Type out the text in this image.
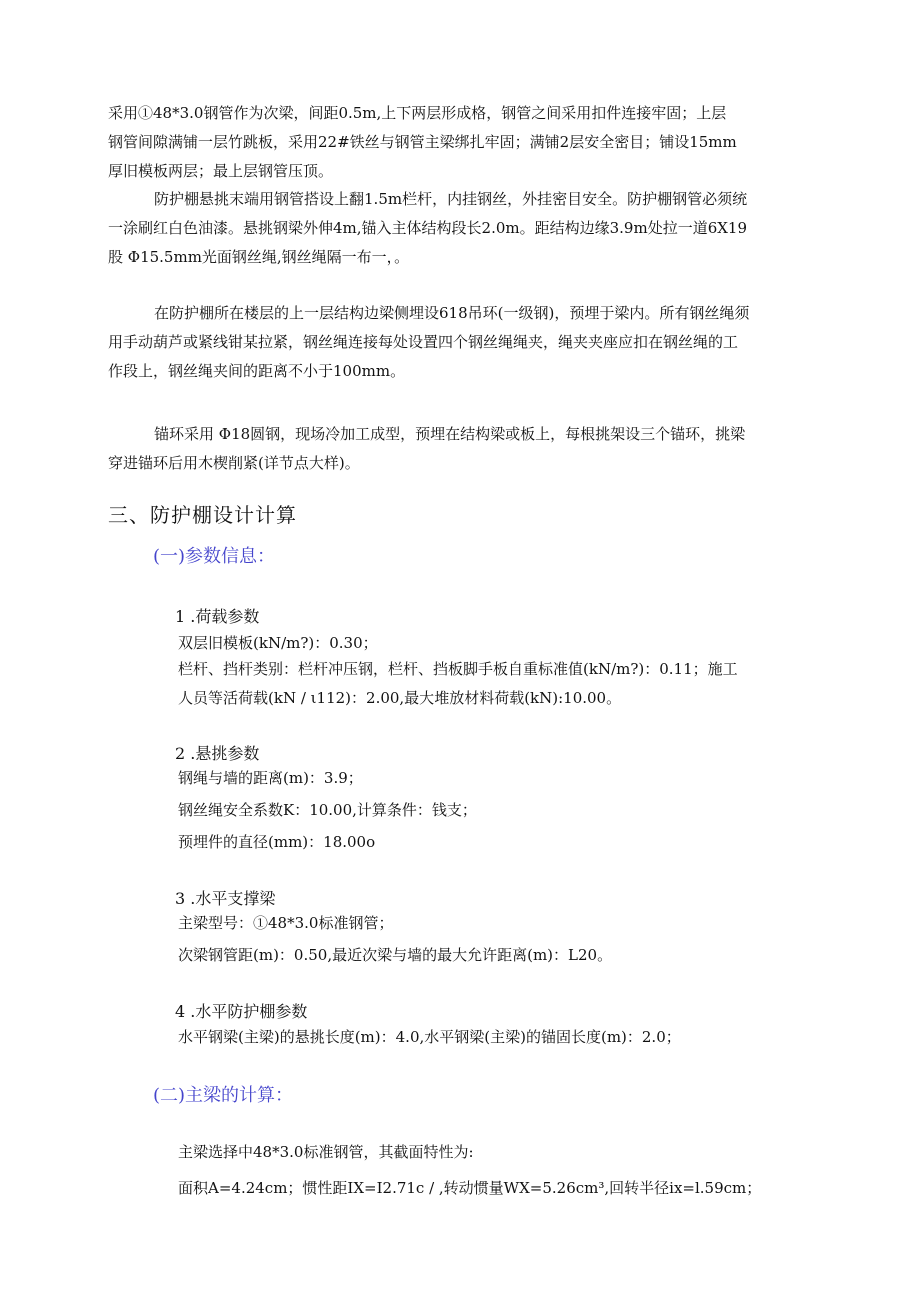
采用①48*3.0钢管作为次梁，间距0.5m,上下两层形成格，钢管之间采用扣件连接牢固；上层
钢管间隙满铺一层竹跳板，采用22#铁丝与钢管主梁绑扎牢固；满铺2层安全密目；铺设15mm
厚旧模板两层；最上层钢管压顶。
防护棚悬挑末端用钢管搭设上翻1.5m栏杆，内挂钢丝，外挂密目安全。防护棚钢管必须统
一涂刷红白色油漆。悬挑钢梁外伸4m,锚入主体结构段长2.0m。距结构边缘3.9m处拉一道6X19
股 Φ15.5mm光面钢丝绳,钢丝绳隔一布一，。
在防护棚所在楼层的上一层结构边梁侧埋设618吊环(一级钢)，预埋于梁内。所有钢丝绳须
用手动葫芦或紧线钳某拉紧，钢丝绳连接每处设置四个钢丝绳绳夹，绳夹夹座应扣在钢丝绳的工
作段上，钢丝绳夹间的距离不小于100mm。
锚环采用 Φ18圆钢，现场冷加工成型，预埋在结构梁或板上，每根挑架设三个锚环，挑梁
穿进锚环后用木楔削紧(详节点大样)。
三、防护棚设计计算
(一)参数信息：
1 .荷载参数
双层旧模板(kN/m?)：0.30；
栏杆、挡杆类别：栏杆冲压钢，栏杆、挡板脚手板自重标准值(kN/m?)：0.11；施工
人员等活荷载(kN / ι112)：2.00,最大堆放材料荷载(kN):10.00。
2 .悬挑参数
钢绳与墙的距离(m)：3.9；
钢丝绳安全系数K：10.00,计算条件：钱支；
预埋件的直径(mm)：18.00o
3 .水平支撑梁
主梁型号：①48*3.0标准钢管；
次梁钢管距(m)：0.50,最近次梁与墙的最大允许距离(m)：L20。
4 .水平防护棚参数
水平钢梁(主梁)的悬挑长度(m)：4.0,水平钢梁(主梁)的锚固长度(m)：2.0；
(二)主梁的计算：
主梁选择中48*3.0标准钢管，其截面特性为:
面积A=4.24cm；惯性距IX=I2.71c / ,转动惯量WX=5.26cm³,回转半径ix=l.59cm；
